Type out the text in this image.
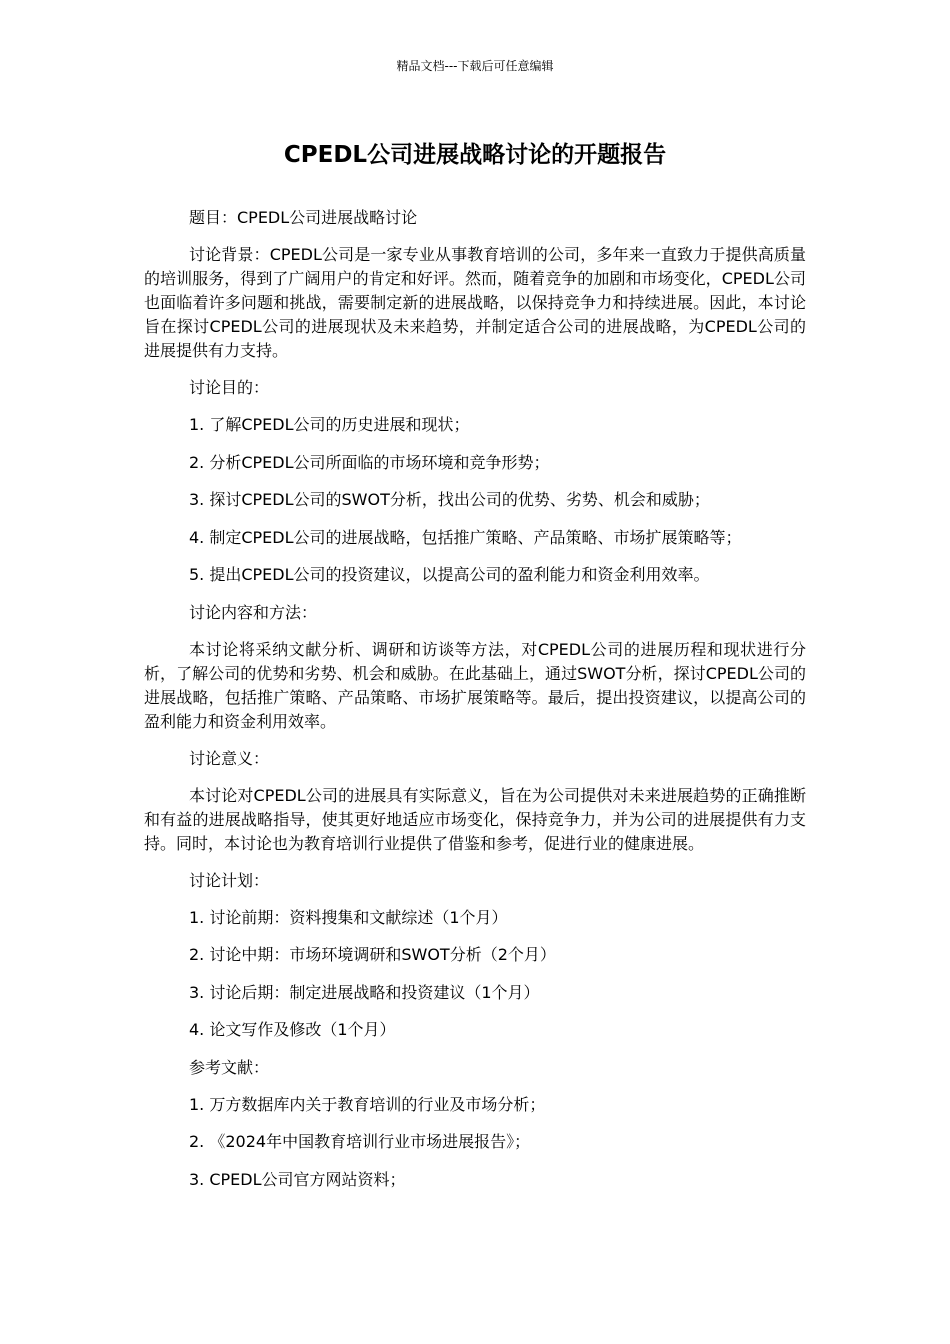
精品文档---下载后可任意编辑
CPEDL公司进展战略讨论的开题报告

题目：CPEDL公司进展战略讨论

讨论背景：CPEDL公司是一家专业从事教育培训的公司，多年来一直致力于提供高质量的培训服务，得到了广阔用户的肯定和好评。然而，随着竞争的加剧和市场变化，CPEDL公司也面临着许多问题和挑战，需要制定新的进展战略，以保持竞争力和持续进展。因此，本讨论旨在探讨CPEDL公司的进展现状及未来趋势，并制定适合公司的进展战略，为CPEDL公司的进展提供有力支持。

讨论目的：

1. 了解CPEDL公司的历史进展和现状；

2. 分析CPEDL公司所面临的市场环境和竞争形势；

3. 探讨CPEDL公司的SWOT分析，找出公司的优势、劣势、机会和威胁；

4. 制定CPEDL公司的进展战略，包括推广策略、产品策略、市场扩展策略等；

5. 提出CPEDL公司的投资建议，以提高公司的盈利能力和资金利用效率。

讨论内容和方法：

本讨论将采纳文献分析、调研和访谈等方法，对CPEDL公司的进展历程和现状进行分析，了解公司的优势和劣势、机会和威胁。在此基础上，通过SWOT分析，探讨CPEDL公司的进展战略，包括推广策略、产品策略、市场扩展策略等。最后，提出投资建议，以提高公司的盈利能力和资金利用效率。

讨论意义：

本讨论对CPEDL公司的进展具有实际意义，旨在为公司提供对未来进展趋势的正确推断和有益的进展战略指导，使其更好地适应市场变化，保持竞争力，并为公司的进展提供有力支持。同时，本讨论也为教育培训行业提供了借鉴和参考，促进行业的健康进展。

讨论计划：

1. 讨论前期：资料搜集和文献综述（1个月）

2. 讨论中期：市场环境调研和SWOT分析（2个月）

3. 讨论后期：制定进展战略和投资建议（1个月）

4. 论文写作及修改（1个月）

参考文献：

1. 万方数据库内关于教育培训的行业及市场分析；

2. 《2024年中国教育培训行业市场进展报告》；

3. CPEDL公司官方网站资料；
